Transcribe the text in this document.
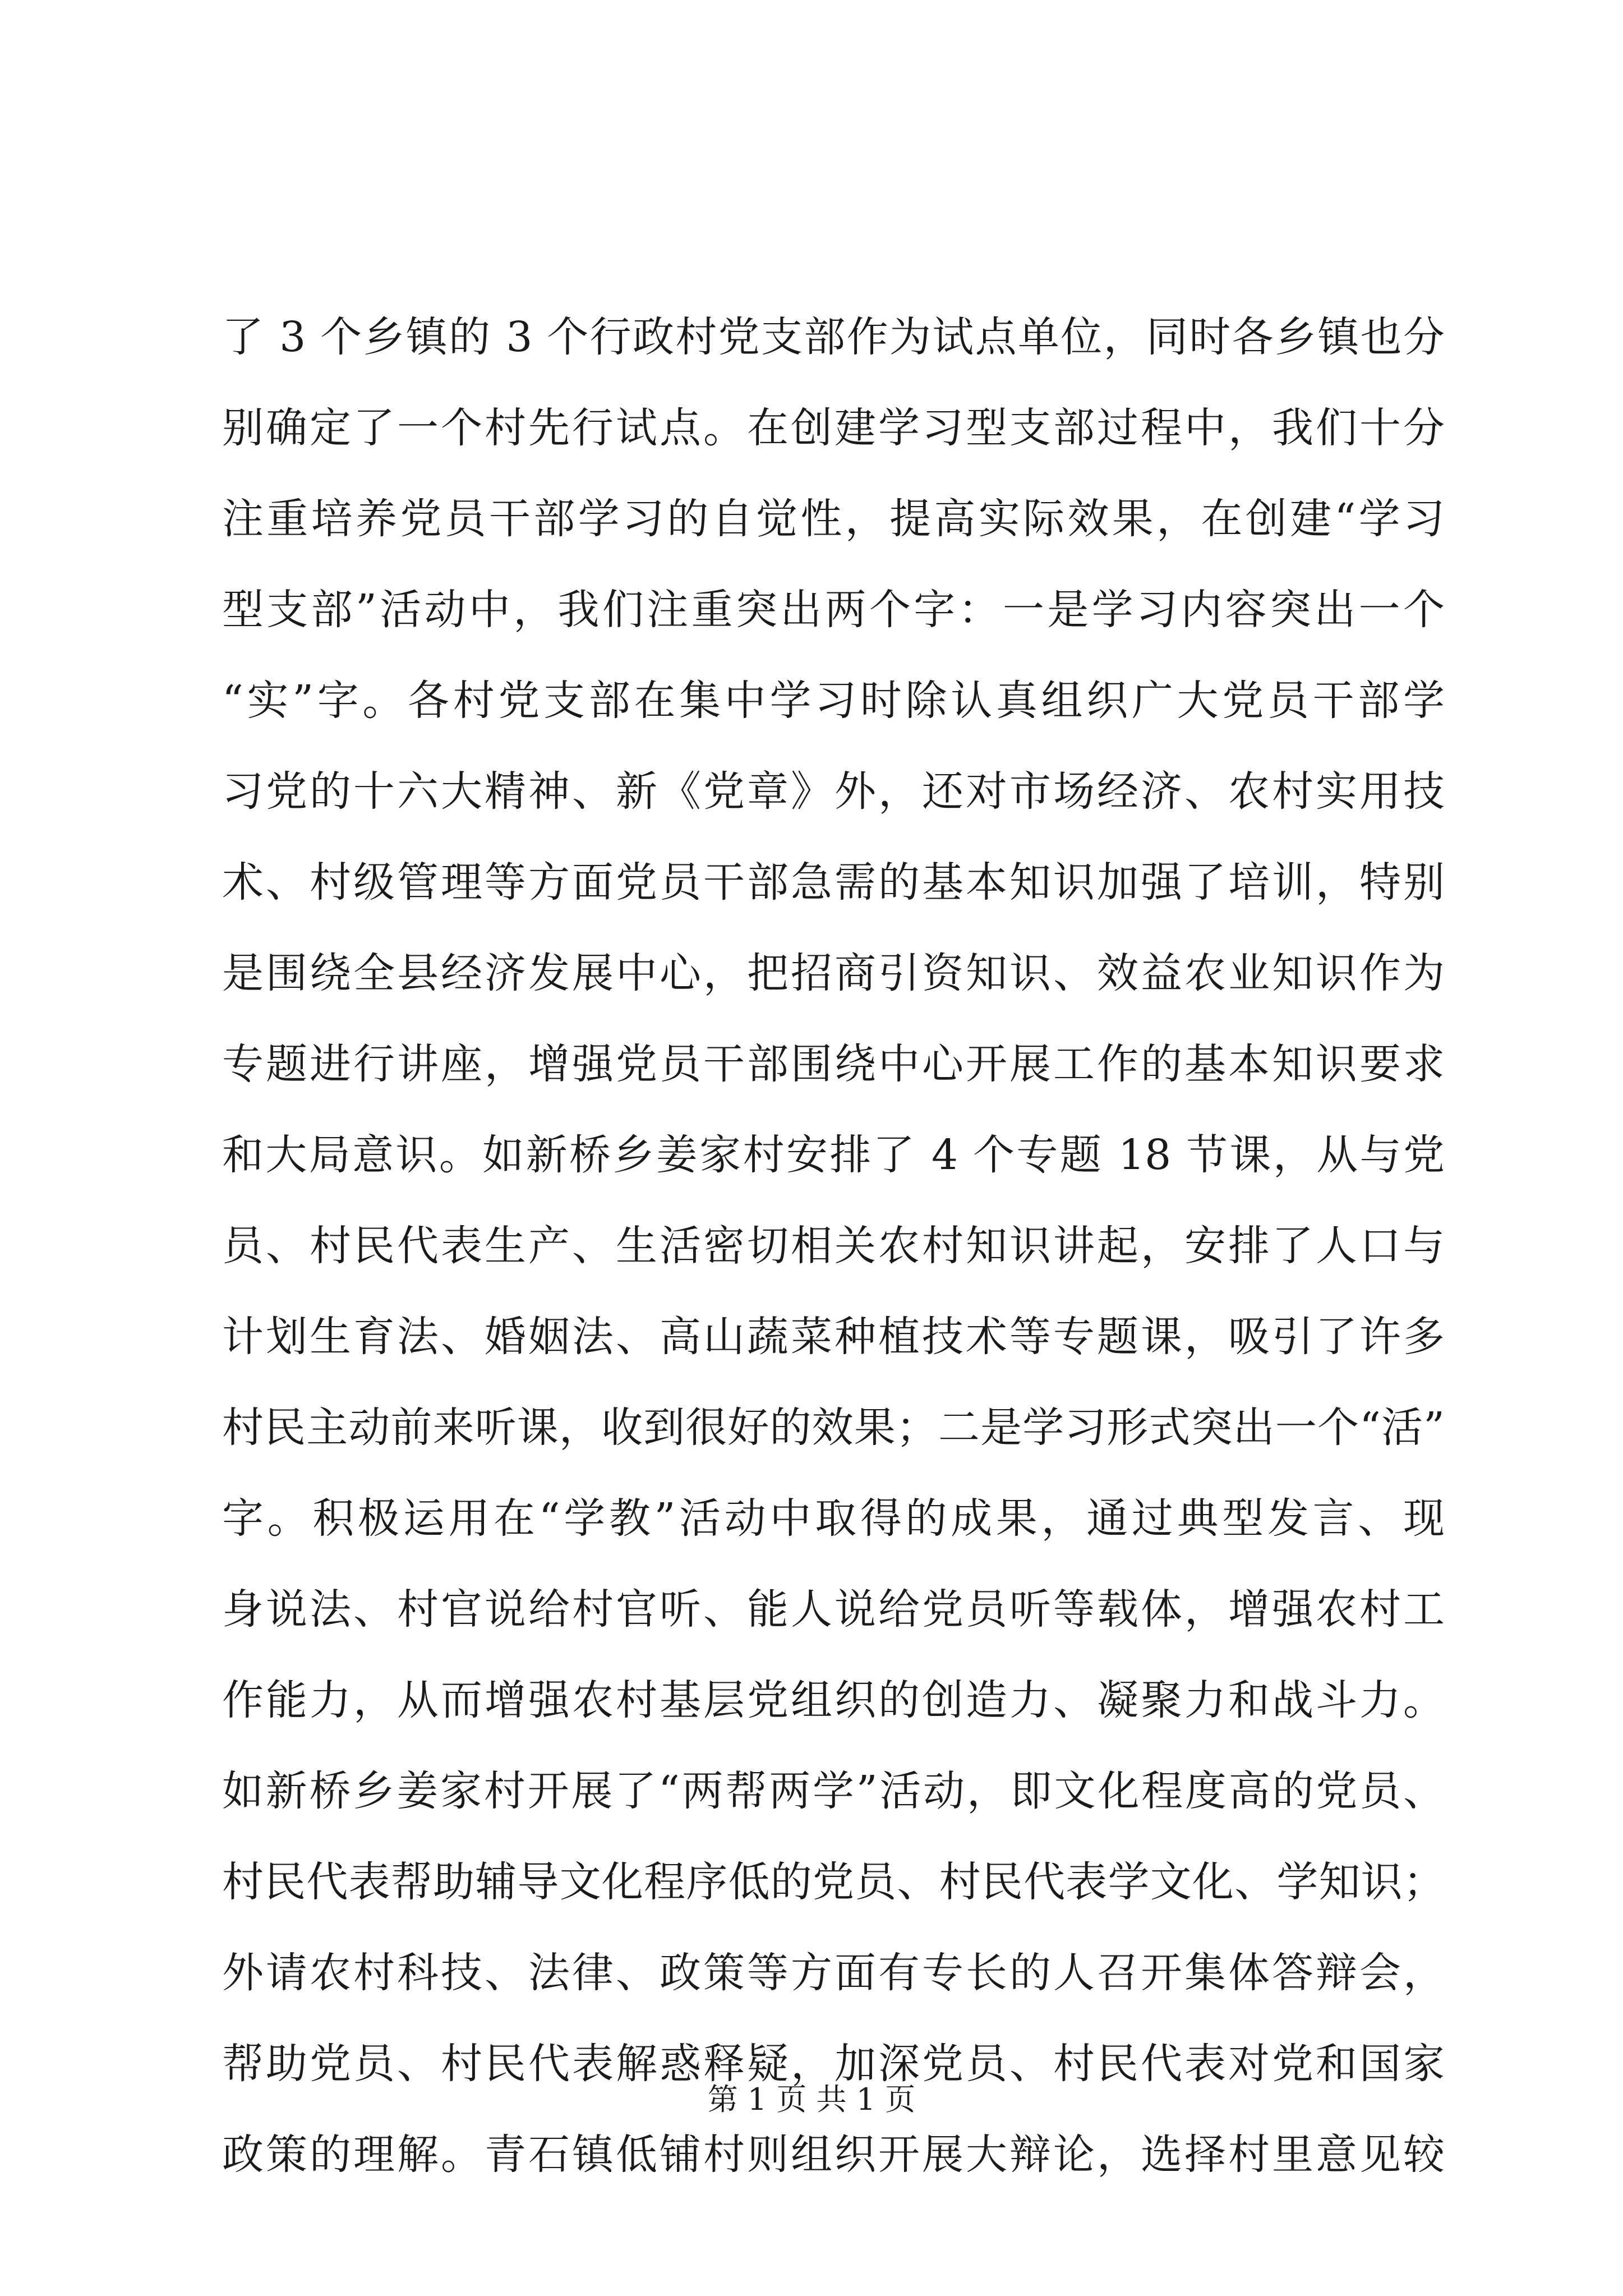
了 3 个乡镇的 3 个行政村党支部作为试点单位，同时各乡镇也分
别确定了一个村先行试点。在创建学习型支部过程中，我们十分
注重培养党员干部学习的自觉性，提高实际效果，在创建“学习
型支部”活动中，我们注重突出两个字：一是学习内容突出一个
“实”字。各村党支部在集中学习时除认真组织广大党员干部学
习党的十六大精神、新《党章》外，还对市场经济、农村实用技
术、村级管理等方面党员干部急需的基本知识加强了培训，特别
是围绕全县经济发展中心，把招商引资知识、效益农业知识作为
专题进行讲座，增强党员干部围绕中心开展工作的基本知识要求
和大局意识。如新桥乡姜家村安排了 4 个专题 18 节课，从与党
员、村民代表生产、生活密切相关农村知识讲起，安排了人口与
计划生育法、婚姻法、高山蔬菜种植技术等专题课，吸引了许多
村民主动前来听课，收到很好的效果；二是学习形式突出一个“活”
字。积极运用在“学教”活动中取得的成果，通过典型发言、现
身说法、村官说给村官听、能人说给党员听等载体，增强农村工
作能力，从而增强农村基层党组织的创造力、凝聚力和战斗力。
如新桥乡姜家村开展了“两帮两学”活动，即文化程度高的党员、
村民代表帮助辅导文化程序低的党员、村民代表学文化、学知识；
外请农村科技、法律、政策等方面有专长的人召开集体答辩会，
帮助党员、村民代表解惑释疑，加深党员、村民代表对党和国家
政策的理解。青石镇低铺村则组织开展大辩论，选择村里意见较
第 1 页 共 1 页
